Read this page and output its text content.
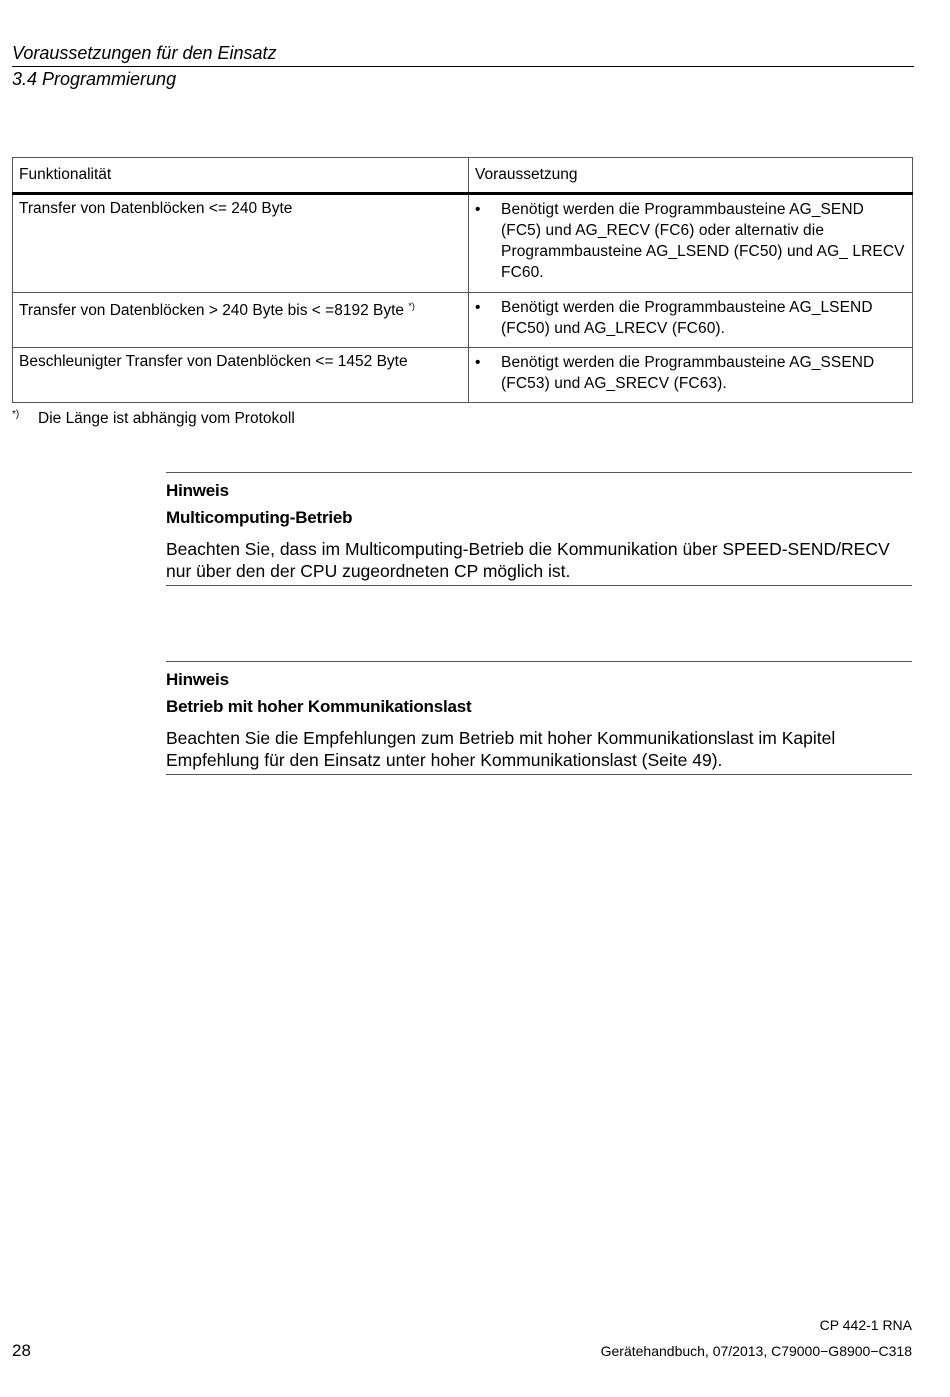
Voraussetzungen für den Einsatz
3.4 Programmierung
Funktionalität	Voraussetzung
Transfer von Datenblöcken <= 240 Byte	• Benötigt werden die Programmbausteine AG_SEND (FC5) und AG_RECV (FC6) oder alternativ die Programmbausteine AG_LSEND (FC50) und AG_ LRECV FC60.

Transfer von Datenblöcken > 240 Byte bis < =8192 Byte *)	• Benötigt werden die Programmbausteine AG_LSEND (FC50) und AG_LRECV (FC60).

Beschleunigter Transfer von Datenblöcken <= 1452 Byte	• Benötigt werden die Programmbausteine AG_SSEND (FC53) und AG_SRECV (FC63).
*)	Die Länge ist abhängig vom Protokoll
Hinweis
Multicomputing-Betrieb
Beachten Sie, dass im Multicomputing-Betrieb die Kommunikation über SPEED-SEND/RECV nur über den der CPU zugeordneten CP möglich ist.
Hinweis
Betrieb mit hoher Kommunikationslast
Beachten Sie die Empfehlungen zum Betrieb mit hoher Kommunikationslast im Kapitel Empfehlung für den Einsatz unter hoher Kommunikationslast (Seite 49).
CP 442-1 RNA
Gerätehandbuch, 07/2013, C79000−G8900−C318
28
